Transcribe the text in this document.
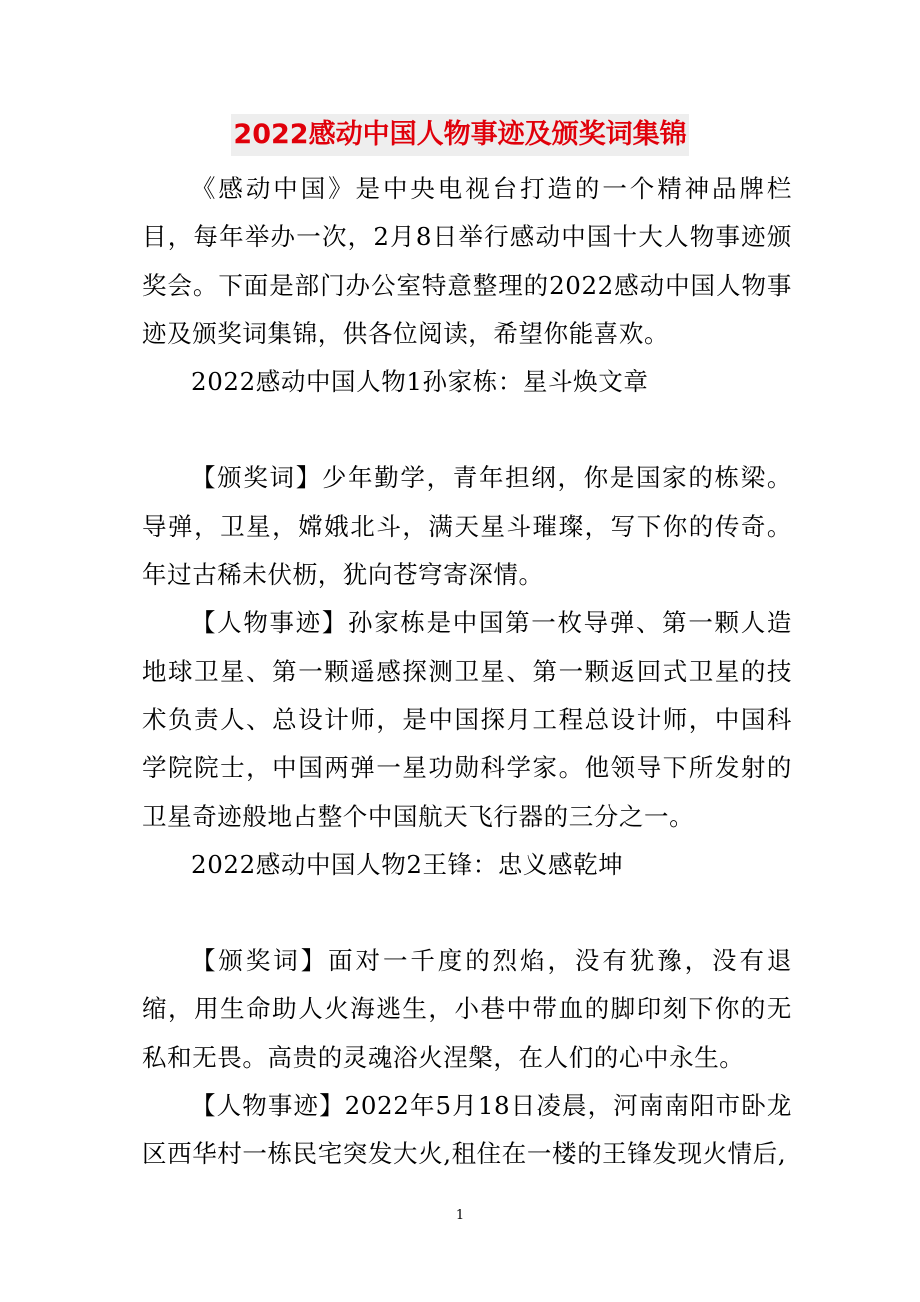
2022感动中国人物事迹及颁奖词集锦

《感动中国》是中央电视台打造的一个精神品牌栏目，每年举办一次，2月8日举行感动中国十大人物事迹颁奖会。下面是部门办公室特意整理的2022感动中国人物事迹及颁奖词集锦，供各位阅读，希望你能喜欢。

2022感动中国人物1孙家栋：星斗焕文章

【颁奖词】少年勤学，青年担纲，你是国家的栋梁。导弹，卫星，嫦娥北斗，满天星斗璀璨，写下你的传奇。年过古稀未伏枥，犹向苍穹寄深情。

【人物事迹】孙家栋是中国第一枚导弹、第一颗人造地球卫星、第一颗遥感探测卫星、第一颗返回式卫星的技术负责人、总设计师，是中国探月工程总设计师，中国科学院院士，中国两弹一星功勋科学家。他领导下所发射的卫星奇迹般地占整个中国航天飞行器的三分之一。

2022感动中国人物2王锋：忠义感乾坤

【颁奖词】面对一千度的烈焰，没有犹豫，没有退缩，用生命助人火海逃生，小巷中带血的脚印刻下你的无私和无畏。高贵的灵魂浴火涅槃，在人们的心中永生。

【人物事迹】2022年5月18日凌晨，河南南阳市卧龙区西华村一栋民宅突发大火,租住在一楼的王锋发现火情后,

1
